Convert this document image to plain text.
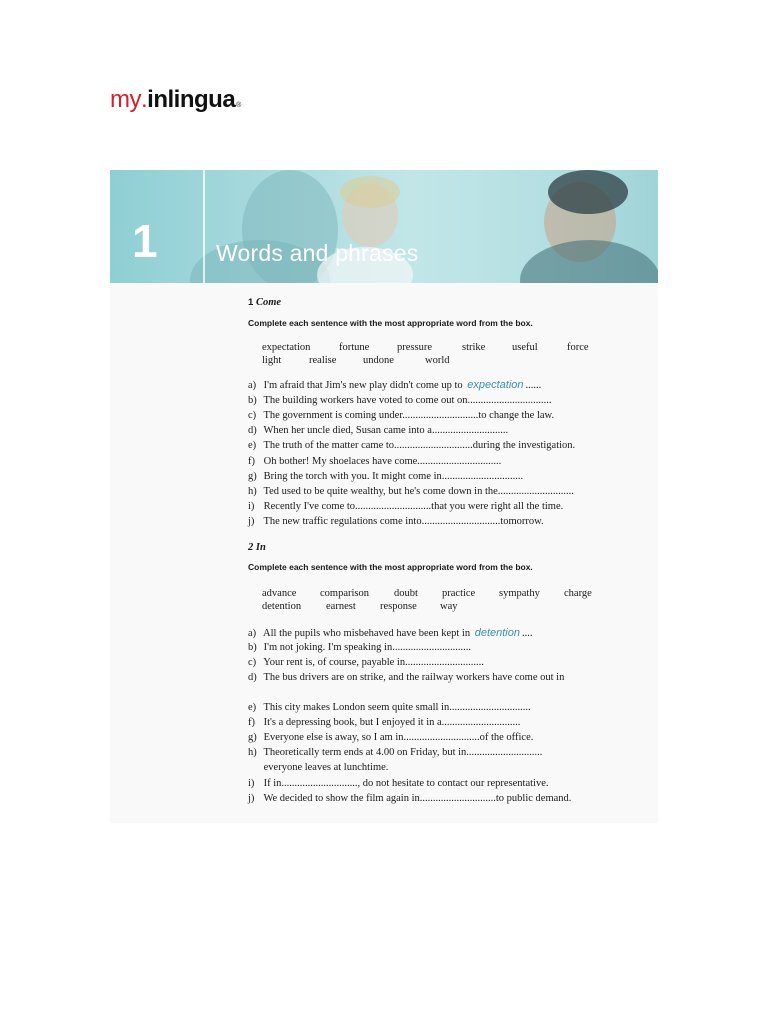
my . inlingua ®
1	Words and phrases
1 Come
Complete each sentence with the most appropriate word from the box.
expectation	fortune	pressure	strike	useful	force
light	realise	undone	world
a) I'm afraid that Jim's new play didn't come up to expectation ......
b) The building workers have voted to come out on................................
c) The government is coming under.............................to change the law.
d) When her uncle died, Susan came into a.............................
e) The truth of the matter came to..............................during the investigation.
f) Oh bother! My shoelaces have come................................
g) Bring the torch with you. It might come in...............................
h) Ted used to be quite wealthy, but he's come down in the.............................
i) Recently I've come to.............................that you were right all the time.
j) The new traffic regulations come into..............................tomorrow.
2 In
Complete each sentence with the most appropriate word from the box.
advance comparison doubt practice sympathy charge
detention earnest response way
a) All the pupils who misbehaved have been kept in detention ....
b) I'm not joking. I'm speaking in..............................
c) Your rent is, of course, payable in..............................
d) The bus drivers are on strike, and the railway workers have come out in
e) This city makes London seem quite small in...............................
f) It's a depressing book, but I enjoyed it in a..............................
g) Everyone else is away, so I am in.............................of the office.
h) Theoretically term ends at 4.00 on Friday, but in.............................
everyone leaves at lunchtime.
i) If in............................., do not hesitate to contact our representative.
j) We decided to show the film again in.............................to public demand.
